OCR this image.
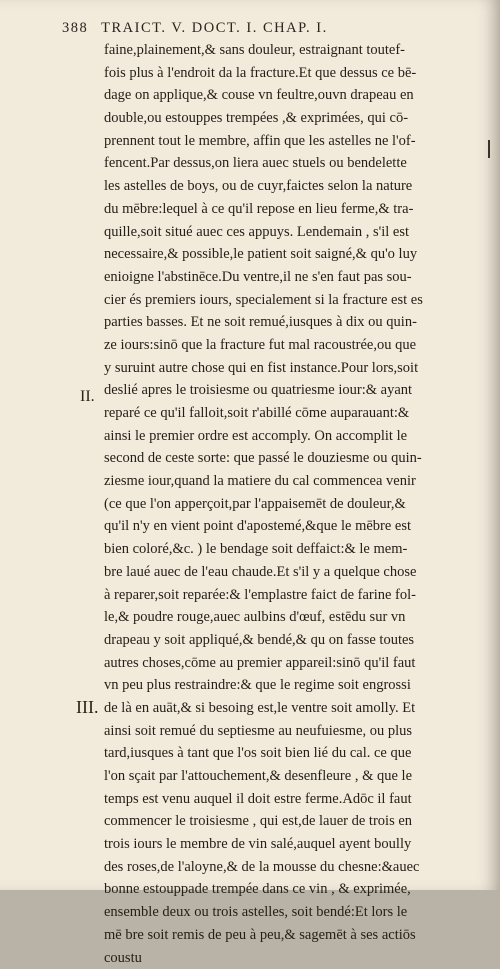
388 TRAICT. V. DOCT. I. CHAP. I.
II.
III.
faine,plainement,& sans douleur, estraignant toutef-
fois plus à l'endroit da la fracture.Et que dessus ce bē-
dage on applique,& couse vn feultre,ouvn drapeau en
double,ou estouppes trempées ,& exprimées, qui cō-
prennent tout le membre, affin que les astelles ne l'of-
fencent.Par dessus,on liera auec stuels ou bendelette
les astelles de boys, ou de cuyr,faictes selon la nature
du mēbre:lequel à ce qu'il repose en lieu ferme,& tra-
quille,soit situé auec ces appuys. Lendemain , s'il est
necessaire,& possible,le patient soit saigné,& qu'o luy
enioigne l'abstinēce.Du ventre,il ne s'en faut pas sou-
cier és premiers iours, specialement si la fracture est es
parties basses. Et ne soit remué,iusques à dix ou quin-
ze iours:sinō que la fracture fut mal racoustrée,ou que
y suruint autre chose qui en fist instance.Pour lors,soit
deslié apres le troisiesme ou quatriesme iour:& ayant
reparé ce qu'il falloit,soit r'abillé cōme auparauant:&
ainsi le premier ordre est accomply. On accomplit le
second de ceste sorte: que passé le douziesme ou quin-
ziesme iour,quand la matiere du cal commencea venir
(ce que l'on apperçoit,par l'appaisemēt de douleur,&
qu'il n'y en vient point d'apostemé,&que le mēbre est
bien coloré,&c. ) le bendage soit deffaict:& le mem-
bre laué auec de l'eau chaude.Et s'il y a quelque chose
à reparer,soit reparée:& l'emplastre faict de farine fol-
le,& poudre rouge,auec aulbins d'œuf, estēdu sur vn
drapeau y soit appliqué,& bendé,& qu on fasse toutes
autres choses,cōme au premier appareil:sinō qu'il faut
vn peu plus restraindre:& que le regime soit engrossi
de là en auāt,& si besoing est,le ventre soit amolly. Et
ainsi soit remué du septiesme au neufuiesme, ou plus
tard,iusques à tant que l'os soit bien lié du cal. ce que
l'on sçait par l'attouchement,& desenfleure , & que le
temps est venu auquel il doit estre ferme.Adōc il faut
commencer le troisiesme , qui est,de lauer de trois en
trois iours le membre de vin salé,auquel ayent boully
des roses,de l'aloyne,& de la mousse du chesne:&auec
bonne estouppade trempée dans ce vin , & exprimée,
ensemble deux ou trois astelles, soit bendé:Et lors le
mē bre soit remis de peu à peu,& sagemēt à ses actiōs
coustu
